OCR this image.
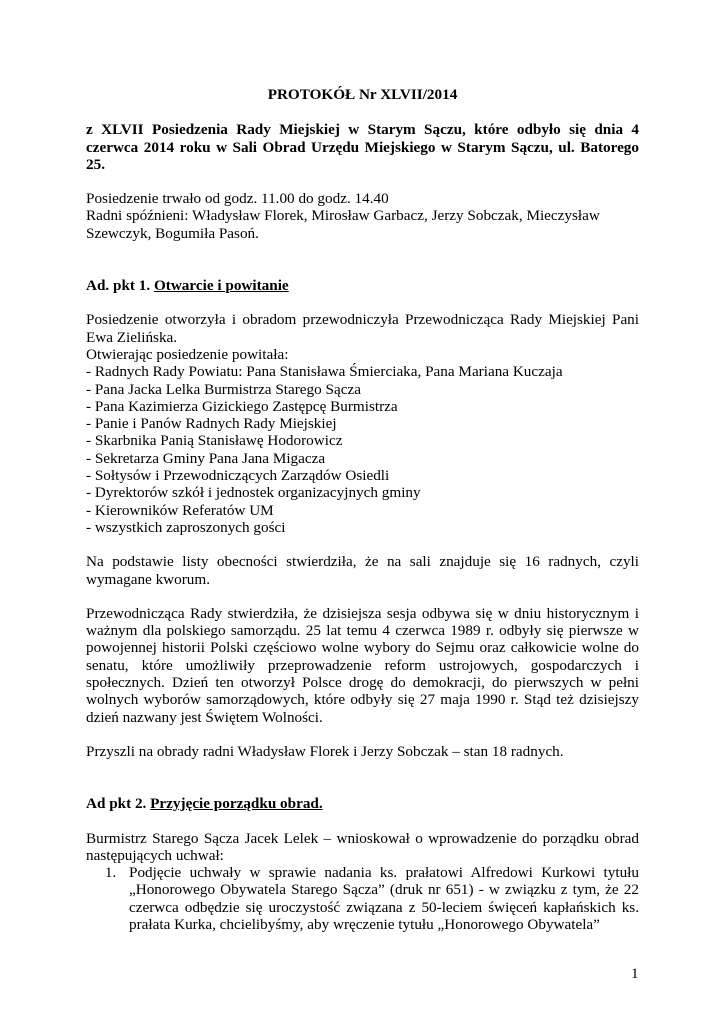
PROTOKÓŁ Nr XLVII/2014

z XLVII Posiedzenia Rady Miejskiej w Starym Sączu, które odbyło się dnia 4 czerwca 2014 roku w Sali Obrad Urzędu Miejskiego w Starym Sączu, ul. Batorego 25.

Posiedzenie trwało od godz. 11.00 do godz. 14.40

Radni spóźnieni: Władysław Florek, Mirosław Garbacz, Jerzy Sobczak, Mieczysław Szewczyk, Bogumiła Pasoń.

Ad. pkt 1. Otwarcie i powitanie

Posiedzenie otworzyła i obradom przewodniczyła Przewodnicząca Rady Miejskiej Pani Ewa Zielińska.

Otwierając posiedzenie powitała:

- Radnych Rady Powiatu: Pana Stanisława Śmierciaka, Pana Mariana Kuczaja
- Pana Jacka Lelka Burmistrza Starego Sącza
- Pana Kazimierza Gizickiego Zastępcę Burmistrza
- Panie i Panów Radnych Rady Miejskiej
- Skarbnika Panią Stanisławę Hodorowicz
- Sekretarza Gminy Pana Jana Migacza
- Sołtysów i Przewodniczących Zarządów Osiedli
- Dyrektorów szkół i jednostek organizacyjnych gminy
- Kierowników Referatów UM
- wszystkich zaproszonych gości

Na podstawie listy obecności stwierdziła, że na sali znajduje się 16 radnych, czyli wymagane kworum.

Przewodnicząca Rady stwierdziła, że dzisiejsza sesja odbywa się w dniu historycznym i ważnym dla polskiego samorządu. 25 lat temu 4 czerwca 1989 r. odbyły się pierwsze w powojennej historii Polski częściowo wolne wybory do Sejmu oraz całkowicie wolne do senatu, które umożliwiły przeprowadzenie reform ustrojowych, gospodarczych i społecznych. Dzień ten otworzył Polsce drogę do demokracji, do pierwszych w pełni wolnych wyborów samorządowych, które odbyły się 27 maja 1990 r. Stąd też dzisiejszy dzień nazwany jest Świętem Wolności.

Przyszli na obrady radni Władysław Florek i Jerzy Sobczak – stan 18 radnych.

Ad pkt 2. Przyjęcie porządku obrad.

Burmistrz Starego Sącza Jacek Lelek – wnioskował o wprowadzenie do porządku obrad następujących uchwał:

1. Podjęcie uchwały w sprawie nadania ks. prałatowi Alfredowi Kurkowi tytułu „Honorowego Obywatela Starego Sącza” (druk nr 651) - w związku z tym, że 22 czerwca odbędzie się uroczystość związana z 50-leciem święceń kapłańskich ks. prałata Kurka, chcielibyśmy, aby wręczenie tytułu „Honorowego Obywatela”
1
